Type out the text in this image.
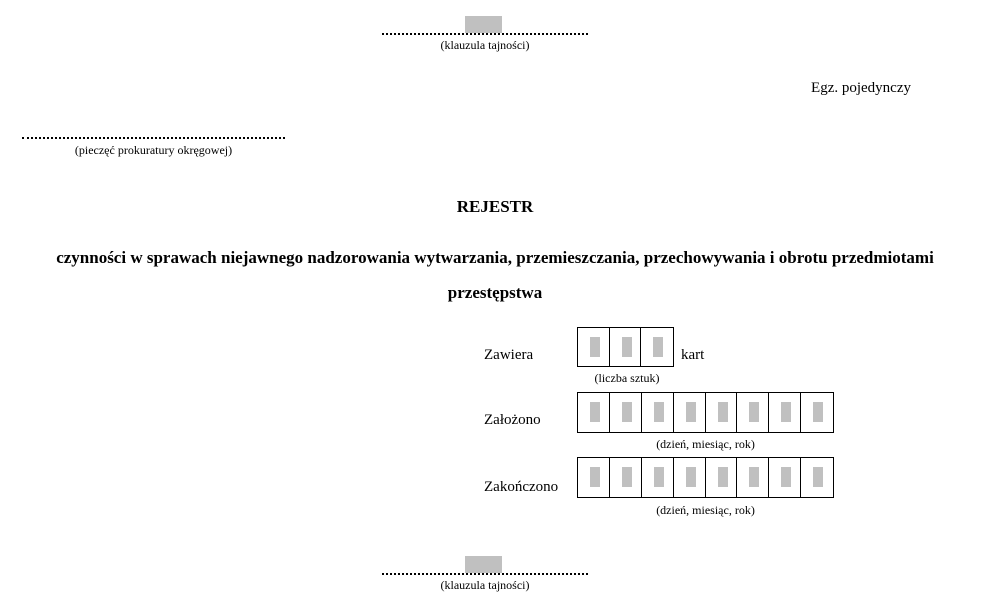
(klauzula tajności)
Egz. pojedynczy
(pieczęć prokuratury okręgowej)
REJESTR
czynności w sprawach niejawnego nadzorowania wytwarzania, przemieszczania, przechowywania i obrotu przedmiotami
przestępstwa
Zawiera	kart
(liczba sztuk)
Założono
(dzień, miesiąc, rok)
Zakończono
(dzień, miesiąc, rok)
(klauzula tajności)
